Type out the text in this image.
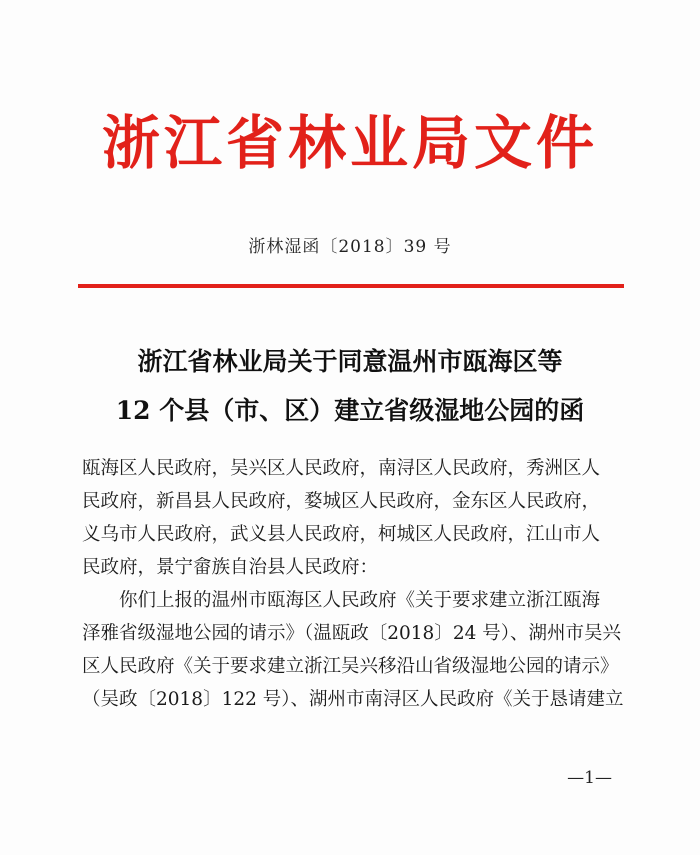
浙江省林业局文件
浙林湿函〔2018〕39 号
浙江省林业局关于同意温州市瓯海区等
12 个县（市、区）建立省级湿地公园的函
瓯海区人民政府，吴兴区人民政府，南浔区人民政府，秀洲区人
民政府，新昌县人民政府，婺城区人民政府，金东区人民政府，
义乌市人民政府，武义县人民政府，柯城区人民政府，江山市人
民政府，景宁畲族自治县人民政府：
　　你们上报的温州市瓯海区人民政府《关于要求建立浙江瓯海
泽雅省级湿地公园的请示》（温瓯政〔2018〕24 号）、湖州市吴兴
区人民政府《关于要求建立浙江吴兴移沿山省级湿地公园的请示》
（吴政〔2018〕122 号）、湖州市南浔区人民政府《关于恳请建立
—1—
